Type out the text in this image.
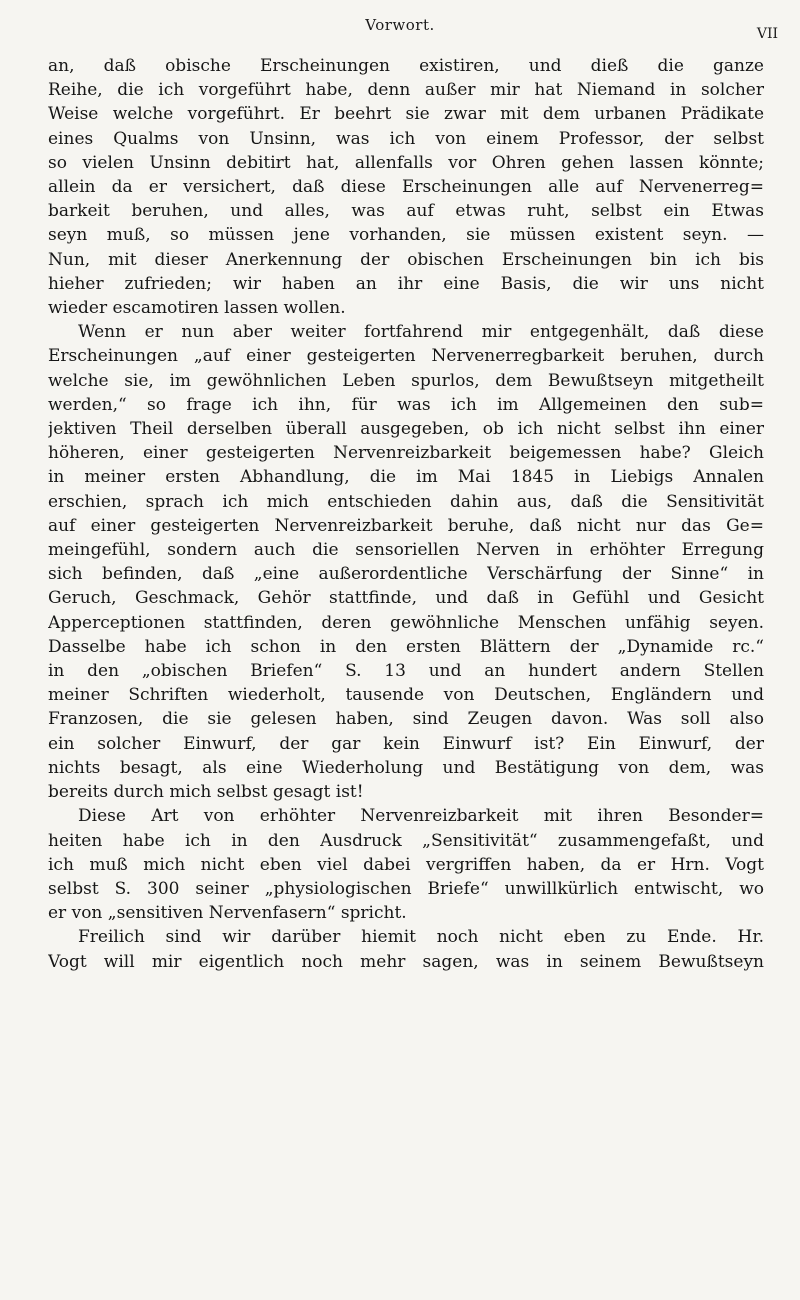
Vorwort.	VII

an, daß obische Erscheinungen existiren, und dieß die ganze
Reihe, die ich vorgeführt habe, denn außer mir hat Niemand in solcher
Weise welche vorgeführt. Er beehrt sie zwar mit dem urbanen Prädikate
eines Qualms von Unsinn, was ich von einem Professor, der selbst
so vielen Unsinn debitirt hat, allenfalls vor Ohren gehen lassen könnte;
allein da er versichert, daß diese Erscheinungen alle auf Nervenerreg=
barkeit beruhen, und alles, was auf etwas ruht, selbst ein Etwas
seyn muß, so müssen jene vorhanden, sie müssen existent seyn. —
Nun, mit dieser Anerkennung der obischen Erscheinungen bin ich bis
hieher zufrieden; wir haben an ihr eine Basis, die wir uns nicht
wieder escamotiren lassen wollen.

Wenn er nun aber weiter fortfahrend mir entgegenhält, daß diese
Erscheinungen „auf einer gesteigerten Nervenerregbarkeit beruhen, durch
welche sie, im gewöhnlichen Leben spurlos, dem Bewußtseyn mitgetheilt
werden,“ so frage ich ihn, für was ich im Allgemeinen den sub=
jektiven Theil derselben überall ausgegeben, ob ich nicht selbst ihn einer
höheren, einer gesteigerten Nervenreizbarkeit beigemessen habe? Gleich
in meiner ersten Abhandlung, die im Mai 1845 in Liebigs Annalen
erschien, sprach ich mich entschieden dahin aus, daß die Sensitivität
auf einer gesteigerten Nervenreizbarkeit beruhe, daß nicht nur das Ge=
meingefühl, sondern auch die sensoriellen Nerven in erhöhter Erregung
sich befinden, daß „eine außerordentliche Verschärfung der Sinne“ in
Geruch, Geschmack, Gehör stattfinde, und daß in Gefühl und Gesicht
Apperceptionen stattfinden, deren gewöhnliche Menschen unfähig seyen.
Dasselbe habe ich schon in den ersten Blättern der „Dynamide rc.“
in den „obischen Briefen“ S. 13 und an hundert andern Stellen
meiner Schriften wiederholt, tausende von Deutschen, Engländern und
Franzosen, die sie gelesen haben, sind Zeugen davon. Was soll also
ein solcher Einwurf, der gar kein Einwurf ist? Ein Einwurf, der
nichts besagt, als eine Wiederholung und Bestätigung von dem, was
bereits durch mich selbst gesagt ist!

Diese Art von erhöhter Nervenreizbarkeit mit ihren Besonder=
heiten habe ich in den Ausdruck „Sensitivität“ zusammengefaßt, und
ich muß mich nicht eben viel dabei vergriffen haben, da er Hrn. Vogt
selbst S. 300 seiner „physiologischen Briefe“ unwillkürlich entwischt, wo
er von „sensitiven Nervenfasern“ spricht.

Freilich sind wir darüber hiemit noch nicht eben zu Ende. Hr.
Vogt will mir eigentlich noch mehr sagen, was in seinem Bewußtseyn
